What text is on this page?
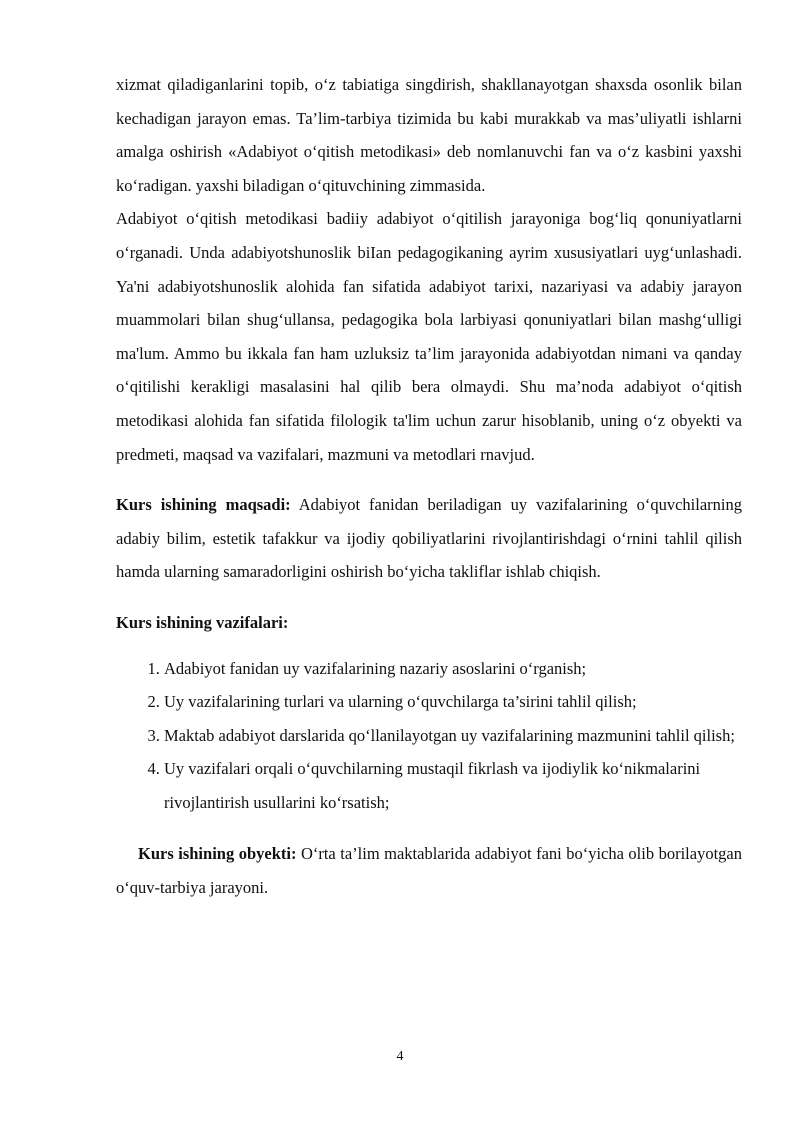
xizmat qiladiganlarini topib, o‘z tabiatiga singdirish, shakllanayotgan shaxsda osonlik bilan kechadigan jarayon emas. Ta’lim-tarbiya tizimida bu kabi murakkab va mas’uliyatli ishlarni amalga oshirish «Adabiyot o‘qitish metodikasi» deb nomlanuvchi fan va o‘z kasbini yaxshi ko‘radigan. yaxshi biladigan o‘qituvchining zimmasida.

Adabiyot o‘qitish metodikasi badiiy adabiyot o‘qitilish jarayoniga bog‘liq qonuniyatlarni o‘rganadi. Unda adabiyotshunoslik biIan pedagogikaning ayrim xususiyatlari uyg‘unlashadi. Ya'ni adabiyotshunoslik alohida fan sifatida adabiyot tarixi, nazariyasi va adabiy jarayon muammolari bilan shug‘ullansa, pedagogika bola larbiyasi qonuniyatlari bilan mashg‘ulligi ma'lum. Ammo bu ikkala fan ham uzluksiz ta’lim jarayonida adabiyotdan nimani va qanday o‘qitilishi kerakligi masalasini hal qilib bera olmaydi. Shu ma’noda adabiyot o‘qitish metodikasi alohida fan sifatida filologik ta'lim uchun zarur hisoblanib, uning o‘z obyekti va predmeti, maqsad va vazifalari, mazmuni va metodlari rnavjud.

Kurs ishining maqsadi: Adabiyot fanidan beriladigan uy vazifalarining o‘quvchilarning adabiy bilim, estetik tafakkur va ijodiy qobiliyatlarini rivojlantirishdagi o‘rnini tahlil qilish hamda ularning samaradorligini oshirish bo‘yicha takliflar ishlab chiqish.

Kurs ishining vazifalari:
1. Adabiyot fanidan uy vazifalarining nazariy asoslarini o‘rganish;
2. Uy vazifalarining turlari va ularning o‘quvchilarga ta’sirini tahlil qilish;
3. Maktab adabiyot darslarida qo‘llanilayotgan uy vazifalarining mazmunini tahlil qilish;
4. Uy vazifalari orqali o‘quvchilarning mustaqil fikrlash va ijodiylik ko‘nikmalarini rivojlantirish usullarini ko‘rsatish;

Kurs ishining obyekti: O‘rta ta’lim maktablarida adabiyot fani bo‘yicha olib borilayotgan o‘quv-tarbiya jarayoni.

4
